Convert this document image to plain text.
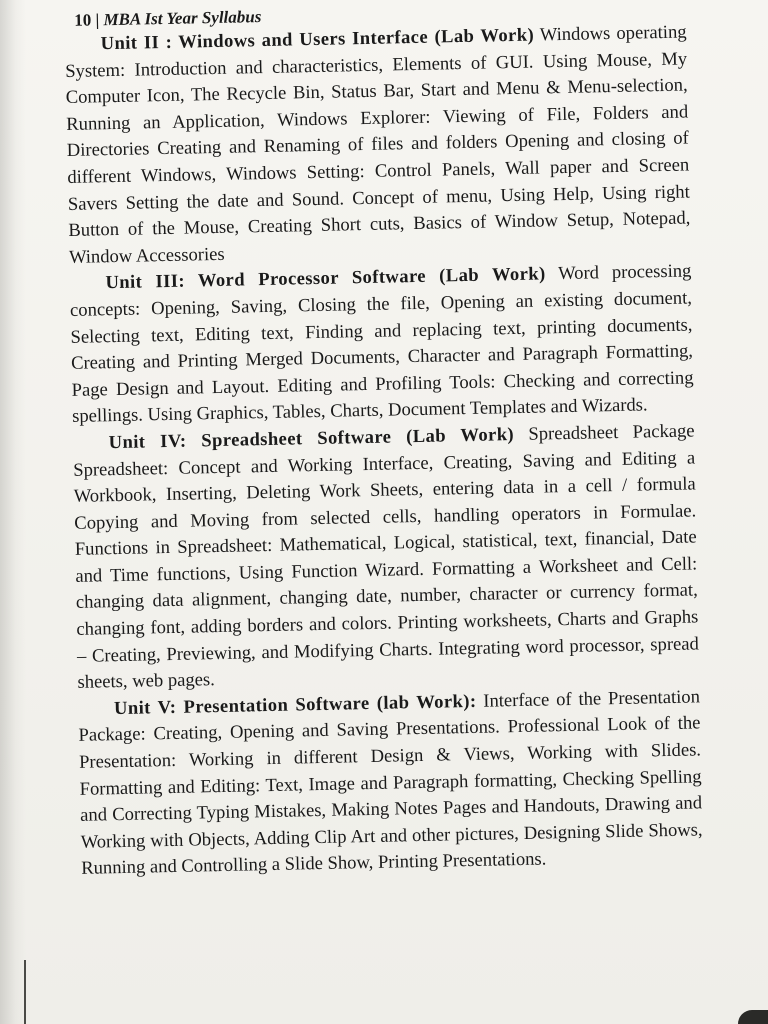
10 | MBA Ist Year Syllabus

Unit II : Windows and Users Interface (Lab Work) Windows operating System: Introduction and characteristics, Elements of GUI. Using Mouse, My Computer Icon, The Recycle Bin, Status Bar, Start and Menu & Menu-selection, Running an Application, Windows Explorer: Viewing of File, Folders and Directories Creating and Renaming of files and folders Opening and closing of different Windows, Windows Setting: Control Panels, Wall paper and Screen Savers Setting the date and Sound. Concept of menu, Using Help, Using right Button of the Mouse, Creating Short cuts, Basics of Window Setup, Notepad, Window Accessories

Unit III: Word Processor Software (Lab Work) Word processing concepts: Opening, Saving, Closing the file, Opening an existing document, Selecting text, Editing text, Finding and replacing text, printing documents, Creating and Printing Merged Documents, Character and Paragraph Formatting, Page Design and Layout. Editing and Profiling Tools: Checking and correcting spellings. Using Graphics, Tables, Charts, Document Templates and Wizards.

Unit IV: Spreadsheet Software (Lab Work) Spreadsheet Package Spreadsheet: Concept and Working Interface, Creating, Saving and Editing a Workbook, Inserting, Deleting Work Sheets, entering data in a cell / formula Copying and Moving from selected cells, handling operators in Formulae. Functions in Spreadsheet: Mathematical, Logical, statistical, text, financial, Date and Time functions, Using Function Wizard. Formatting a Worksheet and Cell: changing data alignment, changing date, number, character or currency format, changing font, adding borders and colors. Printing worksheets, Charts and Graphs – Creating, Previewing, and Modifying Charts. Integrating word processor, spread sheets, web pages.

Unit V: Presentation Software (lab Work): Interface of the Presentation Package: Creating, Opening and Saving Presentations. Professional Look of the Presentation: Working in different Design & Views, Working with Slides. Formatting and Editing: Text, Image and Paragraph formatting, Checking Spelling and Correcting Typing Mistakes, Making Notes Pages and Handouts, Drawing and Working with Objects, Adding Clip Art and other pictures, Designing Slide Shows, Running and Controlling a Slide Show, Printing Presentations.
